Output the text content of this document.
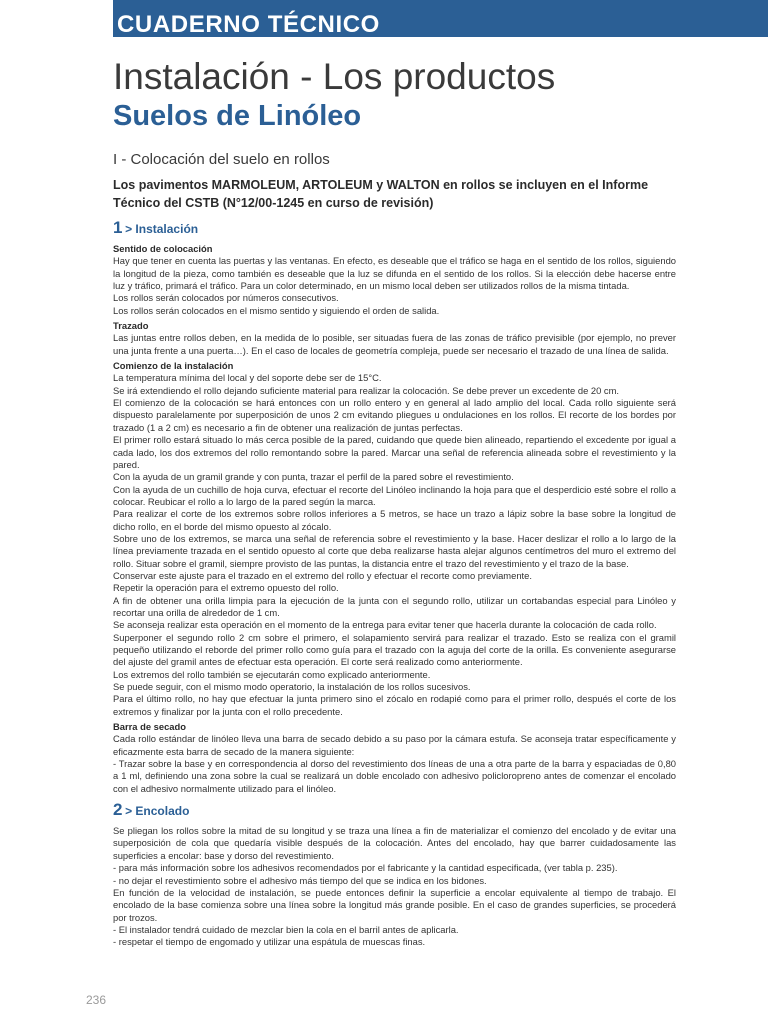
CUADERNO TÉCNICO
Instalación - Los productos
Suelos de Linóleo
I - Colocación del suelo en rollos

Los pavimentos MARMOLEUM, ARTOLEUM y WALTON en rollos se incluyen en el Informe Técnico del CSTB (N°12/00-1245 en curso de revisión)

1 > Instalación

Sentido de colocación

Hay que tener en cuenta las puertas y las ventanas. En efecto, es deseable que el tráfico se haga en el sentido de los rollos, siguiendo la longitud de la pieza, como también es deseable que la luz se difunda en el sentido de los rollos. Si la elección debe hacerse entre luz y tráfico, primará el tráfico. Para un color determinado, en un mismo local deben ser utilizados rollos de la misma tintada.

Los rollos serán colocados por números consecutivos.

Los rollos serán colocados en el mismo sentido y siguiendo el orden de salida.

Trazado

Las juntas entre rollos deben, en la medida de lo posible, ser situadas fuera de las zonas de tráfico previsible (por ejemplo, no prever una junta frente a una puerta…). En el caso de locales de geometría compleja, puede ser necesario el trazado de una línea de salida.

Comienzo de la instalación

La temperatura mínima del local y del soporte debe ser de 15°C.

Se irá extendiendo el rollo dejando suficiente material para realizar la colocación. Se debe prever un excedente de 20 cm.

El comienzo de la colocación se hará entonces con un rollo entero y en general al lado amplio del local. Cada rollo siguiente será dispuesto paralelamente por superposición de unos 2 cm evitando pliegues u ondulaciones en los rollos. El recorte de los bordes por trazado (1 a 2 cm) es necesario a fin de obtener una realización de juntas perfectas.

El primer rollo estará situado lo más cerca posible de la pared, cuidando que quede bien alineado, repartiendo el excedente por igual a cada lado, los dos extremos del rollo remontando sobre la pared. Marcar una señal de referencia alineada sobre el revestimiento y la pared.

Con la ayuda de un gramil grande y con punta, trazar el perfil de la pared sobre el revestimiento.

Con la ayuda de un cuchillo de hoja curva, efectuar el recorte del Linóleo inclinando la hoja para que el desperdicio esté sobre el rollo a colocar. Reubicar el rollo a lo largo de la pared según la marca.

Para realizar el corte de los extremos sobre rollos inferiores a 5 metros, se hace un trazo a lápiz sobre la base sobre la longitud de dicho rollo, en el borde del mismo opuesto al zócalo.

Sobre uno de los extremos, se marca una señal de referencia sobre el revestimiento y la base. Hacer deslizar el rollo a lo largo de la línea previamente trazada en el sentido opuesto al corte que deba realizarse hasta alejar algunos centímetros del muro el extremo del rollo. Situar sobre el gramil, siempre provisto de las puntas, la distancia entre el trazo del revestimiento y el trazo de la base.

Conservar este ajuste para el trazado en el extremo del rollo y efectuar el recorte como previamente.

Repetir la operación para el extremo opuesto del rollo.

A fin de obtener una orilla limpia para la ejecución de la junta con el segundo rollo, utilizar un cortabandas especial para Linóleo y recortar una orilla de alrededor de 1 cm.

Se aconseja realizar esta operación en el momento de la entrega para evitar tener que hacerla durante la colocación de cada rollo.

Superponer el segundo rollo 2 cm sobre el primero, el solapamiento servirá para realizar el trazado. Esto se realiza con el gramil pequeño utilizando el reborde del primer rollo como guía para el trazado con la aguja del corte de la orilla. Es conveniente asegurarse del ajuste del gramil antes de efectuar esta operación. El corte será realizado como anteriormente.

Los extremos del rollo también se ejecutarán como explicado anteriormente.

Se puede seguir, con el mismo modo operatorio, la instalación de los rollos sucesivos.

Para el último rollo, no hay que efectuar la junta primero sino el zócalo en rodapié como para el primer rollo, después el corte de los extremos y finalizar por la junta con el rollo precedente.

Barra de secado

Cada rollo estándar de linóleo lleva una barra de secado debido a su paso por la cámara estufa. Se aconseja tratar específicamente y eficazmente esta barra de secado de la manera siguiente:

- Trazar sobre la base y en correspondencia al dorso del revestimiento dos líneas de una a otra parte de la barra y espaciadas de 0,80 a 1 ml, definiendo una zona sobre la cual se realizará un doble encolado con adhesivo policloropreno antes de comenzar el encolado con el adhesivo normalmente utilizado para el linóleo.

2 > Encolado

Se pliegan los rollos sobre la mitad de su longitud y se traza una línea a fin de materializar el comienzo del encolado y de evitar una superposición de cola que quedaría visible después de la colocación. Antes del encolado, hay que barrer cuidadosamente las superficies a encolar: base y dorso del revestimiento.

- para más información sobre los adhesivos recomendados por el fabricante y la cantidad especificada, (ver tabla p. 235).

- no dejar el revestimiento sobre el adhesivo más tiempo del que se indica en los bidones.

En función de la velocidad de instalación, se puede entonces definir la superficie a encolar equivalente al tiempo de trabajo. El encolado de la base comienza sobre una línea sobre la longitud más grande posible. En el caso de grandes superficies, se procederá por trozos.

- El instalador tendrá cuidado de mezclar bien la cola en el barril antes de aplicarla.

- respetar el tiempo de engomado y utilizar una espátula de muescas finas.

236
